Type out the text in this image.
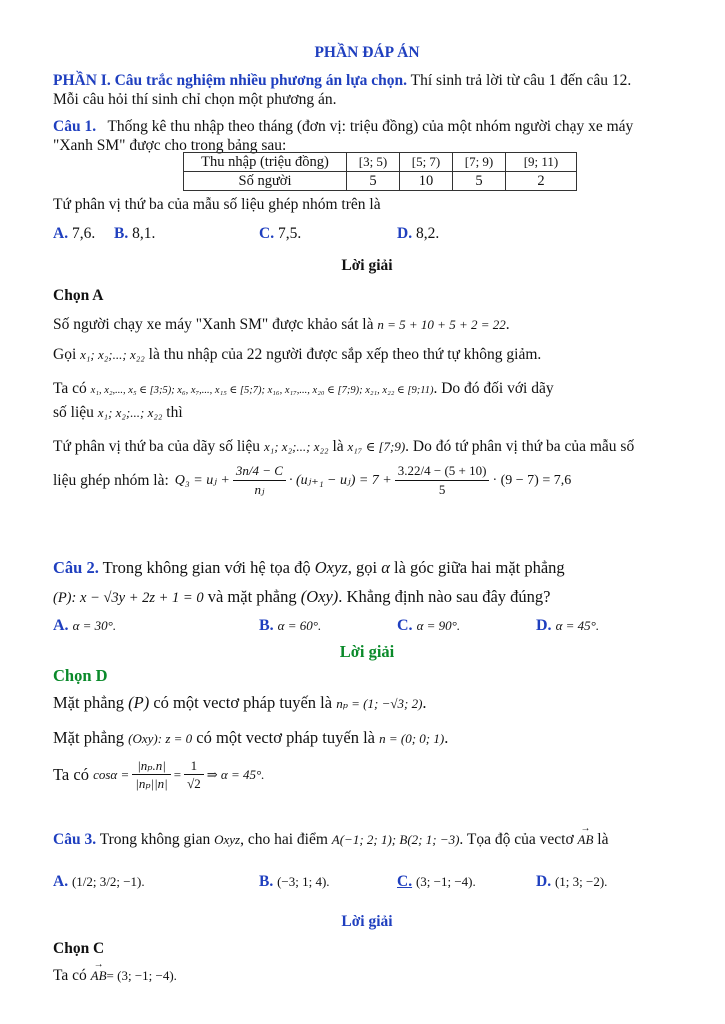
PHẦN ĐÁP ÁN
PHẦN I. Câu trắc nghiệm nhiều phương án lựa chọn. Thí sinh trả lời từ câu 1 đến câu 12.
Mỗi câu hỏi thí sinh chỉ chọn một phương án.
Câu 1. Thống kê thu nhập theo tháng (đơn vị: triệu đồng) của một nhóm người chạy xe máy
"Xanh SM" được cho trong bảng sau:
Thu nhập (triệu đồng)	[3; 5)	[5; 7)	[7; 9)	[9; 11)
Số người	5	10	5	2
Tứ phân vị thứ ba của mẫu số liệu ghép nhóm trên là
A. 7,6. B. 8,1.	C. 7,5.	D. 8,2.
Lời giải
Chọn A
Số người chạy xe máy "Xanh SM" được khảo sát là n = 5 + 10 + 5 + 2 = 22.
Gọi x₁; x₂;...; x₂₂ là thu nhập của 22 người được sắp xếp theo thứ tự không giảm.
Ta có x₁, x₂,..., x₅ ∈ [3;5); x₆, x₇,..., x₁₅ ∈ [5;7); x₁₆, x₁₇,..., x₂₀ ∈ [7;9); x₂₁, x₂₂ ∈ [9;11). Do đó đối với dãy
số liệu x₁; x₂;...; x₂₂ thì
Tứ phân vị thứ ba của dãy số liệu x₁; x₂;...; x₂₂ là x₁₇ ∈ [7;9). Do đó tứ phân vị thứ ba của mẫu số
liệu ghép nhóm là: Q₃ = uⱼ + $\frac{3n/4 - C}{\text{nⱼ}}$ · (uⱼ₊₁ − uⱼ) = $7 + \frac{3.22/4 - (5 + 10)}{5} \cdot (9 - 7) = 7,6$
Câu 2. Trong không gian với hệ tọa độ Oxyz, gọi α là góc giữa hai mặt phẳng
(P): x − √3y + 2z + 1 = 0 và mặt phẳng (Oxy). Khẳng định nào sau đây đúng?
A. α = 30°.	B. α = 60°.	C. α = 90°.	D. α = 45°.
Lời giải
Chọn D
Mặt phẳng (P) có một vectơ pháp tuyến là nₚ = (1; −√3; 2).
Mặt phẳng (Oxy): z = 0 có một vectơ pháp tuyến là n = (0; 0; 1).
Ta có
$\cos\alpha = \frac{\text{|nₚ.n|}}{\text{|nₚ||n|}} = \frac{1}{√2}$ ⇒ α = 45°.
Câu 3. Trong không gian Oxyz, cho hai điểm A(−1; 2; 1); B(2; 1; −3). Tọa độ của vectơ → AB là
A. (1/2; 3/2; −1).	B. (−3; 1; 4).	C. (3; −1; −4).	D. (1; 3; −2).
Lời giải
Chọn C
Ta có → AB= (3; −1; −4).
